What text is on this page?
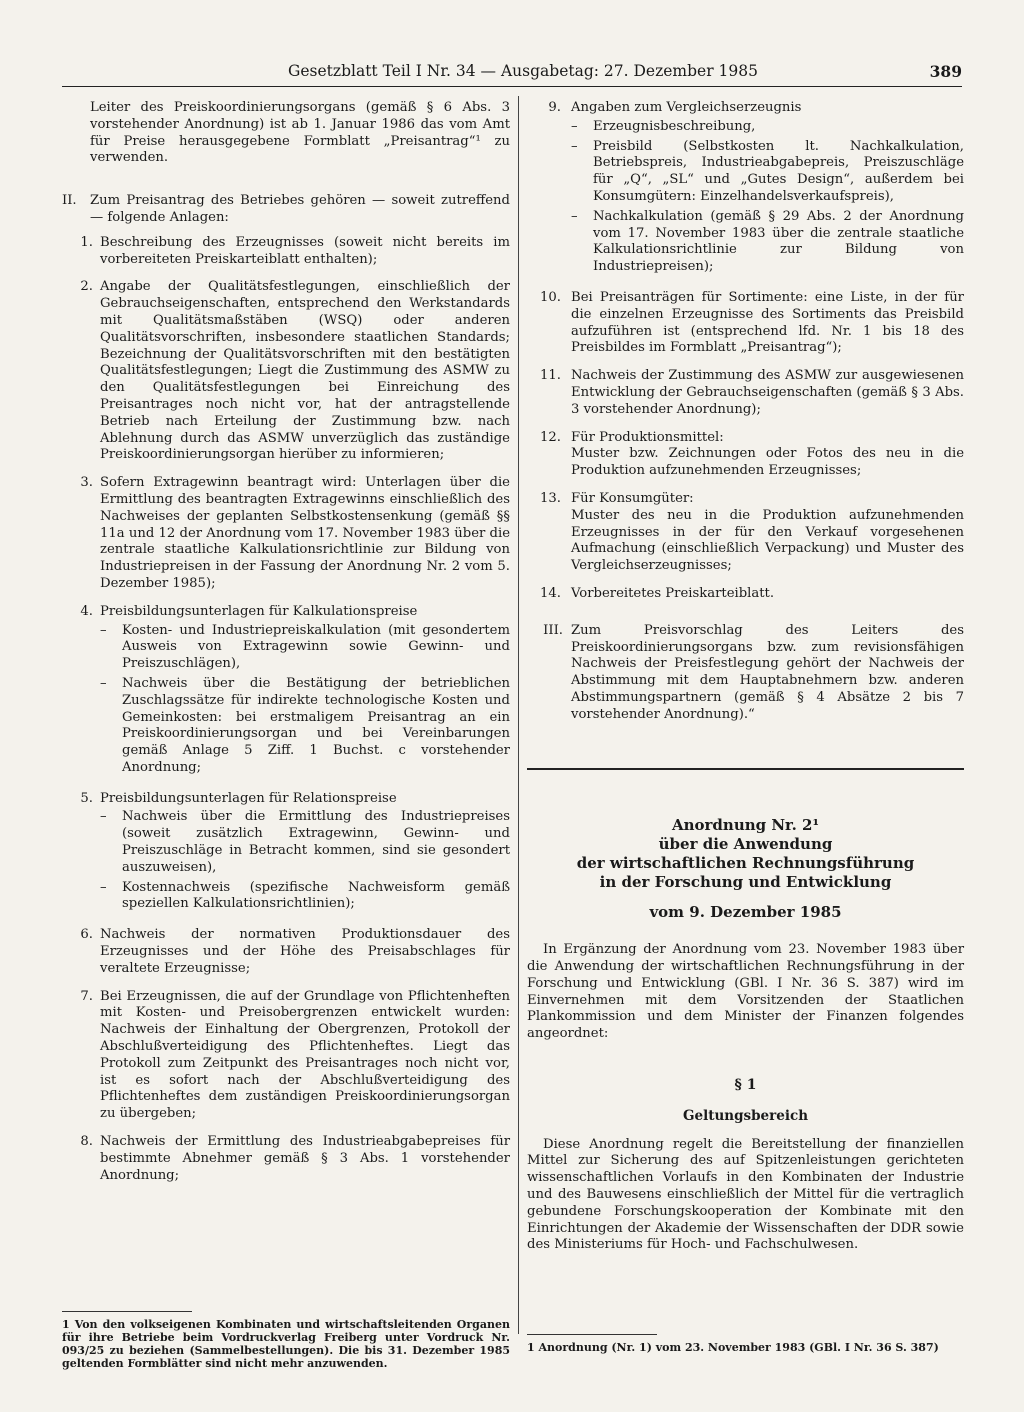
Gesetzblatt Teil I Nr. 34 — Ausgabetag: 27. Dezember 1985	389

Leiter des Preiskoordinierungsorgans (gemäß § 6 Abs. 3 vorstehender Anordnung) ist ab 1. Januar 1986 das vom Amt für Preise herausgegebene Formblatt „Preisantrag“¹ zu verwenden.

II.	Zum Preisantrag des Betriebes gehören — soweit zutreffend — folgende Anlagen:
1. Beschreibung des Erzeugnisses (soweit nicht bereits im vorbereiteten Preiskarteiblatt enthalten);
2. Angabe der Qualitätsfestlegungen, einschließlich der Gebrauchseigenschaften, entsprechend den Werkstandards mit Qualitätsmaßstäben (WSQ) oder anderen Qualitätsvorschriften, insbesondere staatlichen Standards; Bezeichnung der Qualitätsvorschriften mit den bestätigten Qualitätsfestlegungen; Liegt die Zustimmung des ASMW zu den Qualitätsfestlegungen bei Einreichung des Preisantrages noch nicht vor, hat der antragstellende Betrieb nach Erteilung der Zustimmung bzw. nach Ablehnung durch das ASMW unverzüglich das zuständige Preiskoordinierungsorgan hierüber zu informieren;
3. Sofern Extragewinn beantragt wird: Unterlagen über die Ermittlung des beantragten Extragewinns einschließlich des Nachweises der geplanten Selbstkostensenkung (gemäß §§ 11a und 12 der Anordnung vom 17. November 1983 über die zentrale staatliche Kalkulationsrichtlinie zur Bildung von Industriepreisen in der Fassung der Anordnung Nr. 2 vom 5. Dezember 1985);
4. Preisbildungsunterlagen für Kalkulationspreise
–	Kosten- und Industriepreiskalkulation (mit gesondertem Ausweis von Extragewinn sowie Gewinn- und Preiszuschlägen),
–	Nachweis über die Bestätigung der betrieblichen Zuschlagssätze für indirekte technologische Kosten und Gemeinkosten: bei erstmaligem Preisantrag an ein Preiskoordinierungsorgan und bei Vereinbarungen gemäß Anlage 5 Ziff. 1 Buchst. c vorstehender Anordnung;
5. Preisbildungsunterlagen für Relationspreise
–	Nachweis über die Ermittlung des Industriepreises (soweit zusätzlich Extragewinn, Gewinn- und Preiszuschläge in Betracht kommen, sind sie gesondert auszuweisen),
–	Kostennachweis (spezifische Nachweisform gemäß speziellen Kalkulationsrichtlinien);
6. Nachweis der normativen Produktionsdauer des Erzeugnisses und der Höhe des Preisabschlages für veraltete Erzeugnisse;
7. Bei Erzeugnissen, die auf der Grundlage von Pflichtenheften mit Kosten- und Preisobergrenzen entwickelt wurden: Nachweis der Einhaltung der Obergrenzen, Protokoll der Abschlußverteidigung des Pflichtenheftes. Liegt das Protokoll zum Zeitpunkt des Preisantrages noch nicht vor, ist es sofort nach der Abschlußverteidigung des Pflichtenheftes dem zuständigen Preiskoordinierungsorgan zu übergeben;
8. Nachweis der Ermittlung des Industrieabgabepreises für bestimmte Abnehmer gemäß § 3 Abs. 1 vorstehender Anordnung;
1 Von den volkseigenen Kombinaten und wirtschaftsleitenden Organen für ihre Betriebe beim Vordruckverlag Freiberg unter Vordruck Nr. 093/25 zu beziehen (Sammelbestellungen). Die bis 31. Dezember 1985 geltenden Formblätter sind nicht mehr anzuwenden.
9. Angaben zum Vergleichserzeugnis
–	Erzeugnisbeschreibung,
–	Preisbild (Selbstkosten lt. Nachkalkulation, Betriebspreis, Industrieabgabepreis, Preiszuschläge für „Q“, „SL“ und „Gutes Design“, außerdem bei Konsumgütern: Einzelhandelsverkaufspreis),
–	Nachkalkulation (gemäß § 29 Abs. 2 der Anordnung vom 17. November 1983 über die zentrale staatliche Kalkulationsrichtlinie zur Bildung von Industriepreisen);
10. Bei Preisanträgen für Sortimente: eine Liste, in der für die einzelnen Erzeugnisse des Sortiments das Preisbild aufzuführen ist (entsprechend lfd. Nr. 1 bis 18 des Preisbildes im Formblatt „Preisantrag“);
11. Nachweis der Zustimmung des ASMW zur ausgewiesenen Entwicklung der Gebrauchseigenschaften (gemäß § 3 Abs. 3 vorstehender Anordnung);
12. Für Produktionsmittel:
Muster bzw. Zeichnungen oder Fotos des neu in die Produktion aufzunehmenden Erzeugnisses;
13. Für Konsumgüter:
Muster des neu in die Produktion aufzunehmenden Erzeugnisses in der für den Verkauf vorgesehenen Aufmachung (einschließlich Verpackung) und Muster des Vergleichserzeugnisses;
14. Vorbereitetes Preiskarteiblatt.
III. Zum Preisvorschlag des Leiters des Preiskoordinierungsorgans bzw. zum revisionsfähigen Nachweis der Preisfestlegung gehört der Nachweis der Abstimmung mit dem Hauptabnehmern bzw. anderen Abstimmungspartnern (gemäß § 4 Absätze 2 bis 7 vorstehender Anordnung).“
Anordnung Nr. 2¹
über die Anwendung
der wirtschaftlichen Rechnungsführung
in der Forschung und Entwicklung
vom 9. Dezember 1985

In Ergänzung der Anordnung vom 23. November 1983 über die Anwendung der wirtschaftlichen Rechnungsführung in der Forschung und Entwicklung (GBl. I Nr. 36 S. 387) wird im Einvernehmen mit dem Vorsitzenden der Staatlichen Plankommission und dem Minister der Finanzen folgendes angeordnet:

§ 1
Geltungsbereich

Diese Anordnung regelt die Bereitstellung der finanziellen Mittel zur Sicherung des auf Spitzenleistungen gerichteten wissenschaftlichen Vorlaufs in den Kombinaten der Industrie und des Bauwesens einschließlich der Mittel für die vertraglich gebundene Forschungskooperation der Kombinate mit den Einrichtungen der Akademie der Wissenschaften der DDR sowie des Ministeriums für Hoch- und Fachschulwesen.

1 Anordnung (Nr. 1) vom 23. November 1983 (GBl. I Nr. 36 S. 387)
